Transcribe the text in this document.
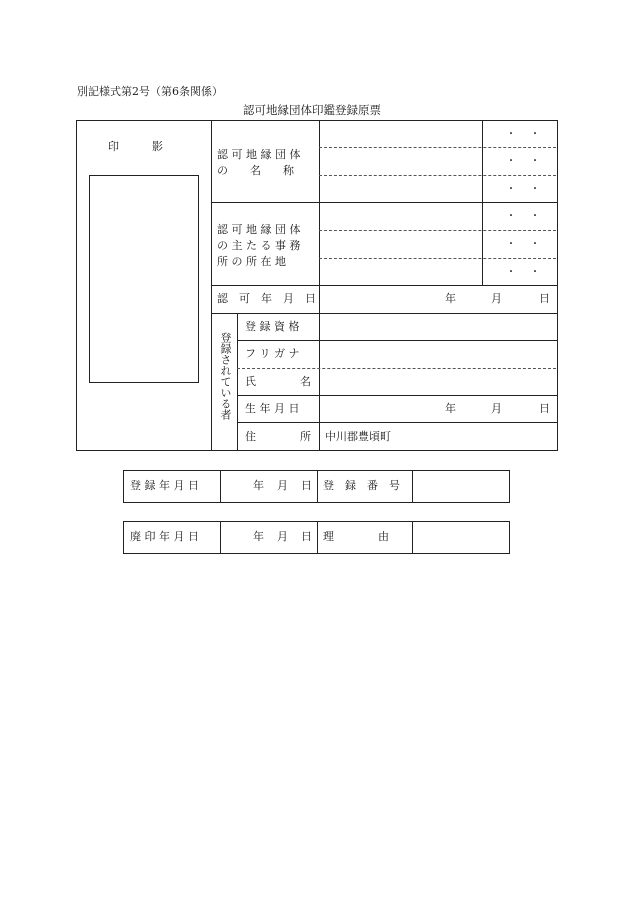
別記様式第2号（第6条関係）
認可地縁団体印鑑登録原票
印　　　影
認 可 地 縁 団 体
の　　名　　称
・・
・・
・・
認 可 地 縁 団 体
の 主 た る 事 務
所 の 所 在 地
・・
・・
・・
認　可　年　月　日	年	月	日
登録されている者
登 録 資 格
フ リ ガ ナ
氏　　　　名
生 年 月 日	年	月	日
住　　　　所 中川郡豊頃町
登 録 年 月 日	年 月 日 登　録　番　号
廃 印 年 月 日	年 月 日 理　　　　由
